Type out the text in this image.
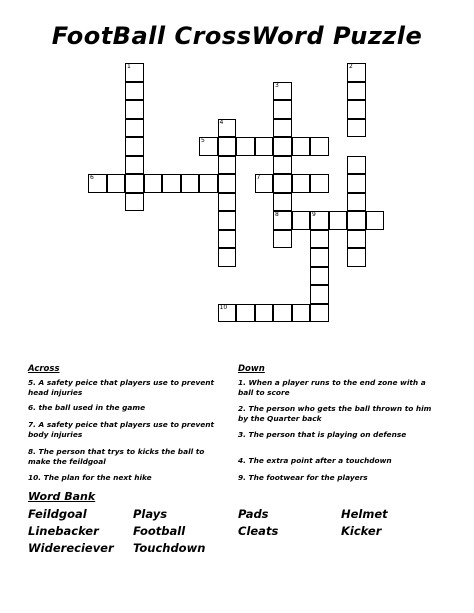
FootBall CrossWord Puzzle
1
6
4
5
3
7
8	9
10
2
Across
5. A safety peice that players use to prevent head injuries
6. the ball used in the game
7. A safety peice that players use to prevent body injuries
8. The person that trys to kicks the ball to make the feildgoal
10. The plan for the next hike
Down
1. When a player runs to the end zone with a ball to score
2. The person who gets the ball thrown to him by the Quarter back
3. The person that is playing on defense
4. The extra point after a touchdown
9. The footwear for the players
Word Bank
Feildgoal	Plays	Pads	Helmet
Linebacker	Football	Cleats	Kicker
Widereciever Touchdown
